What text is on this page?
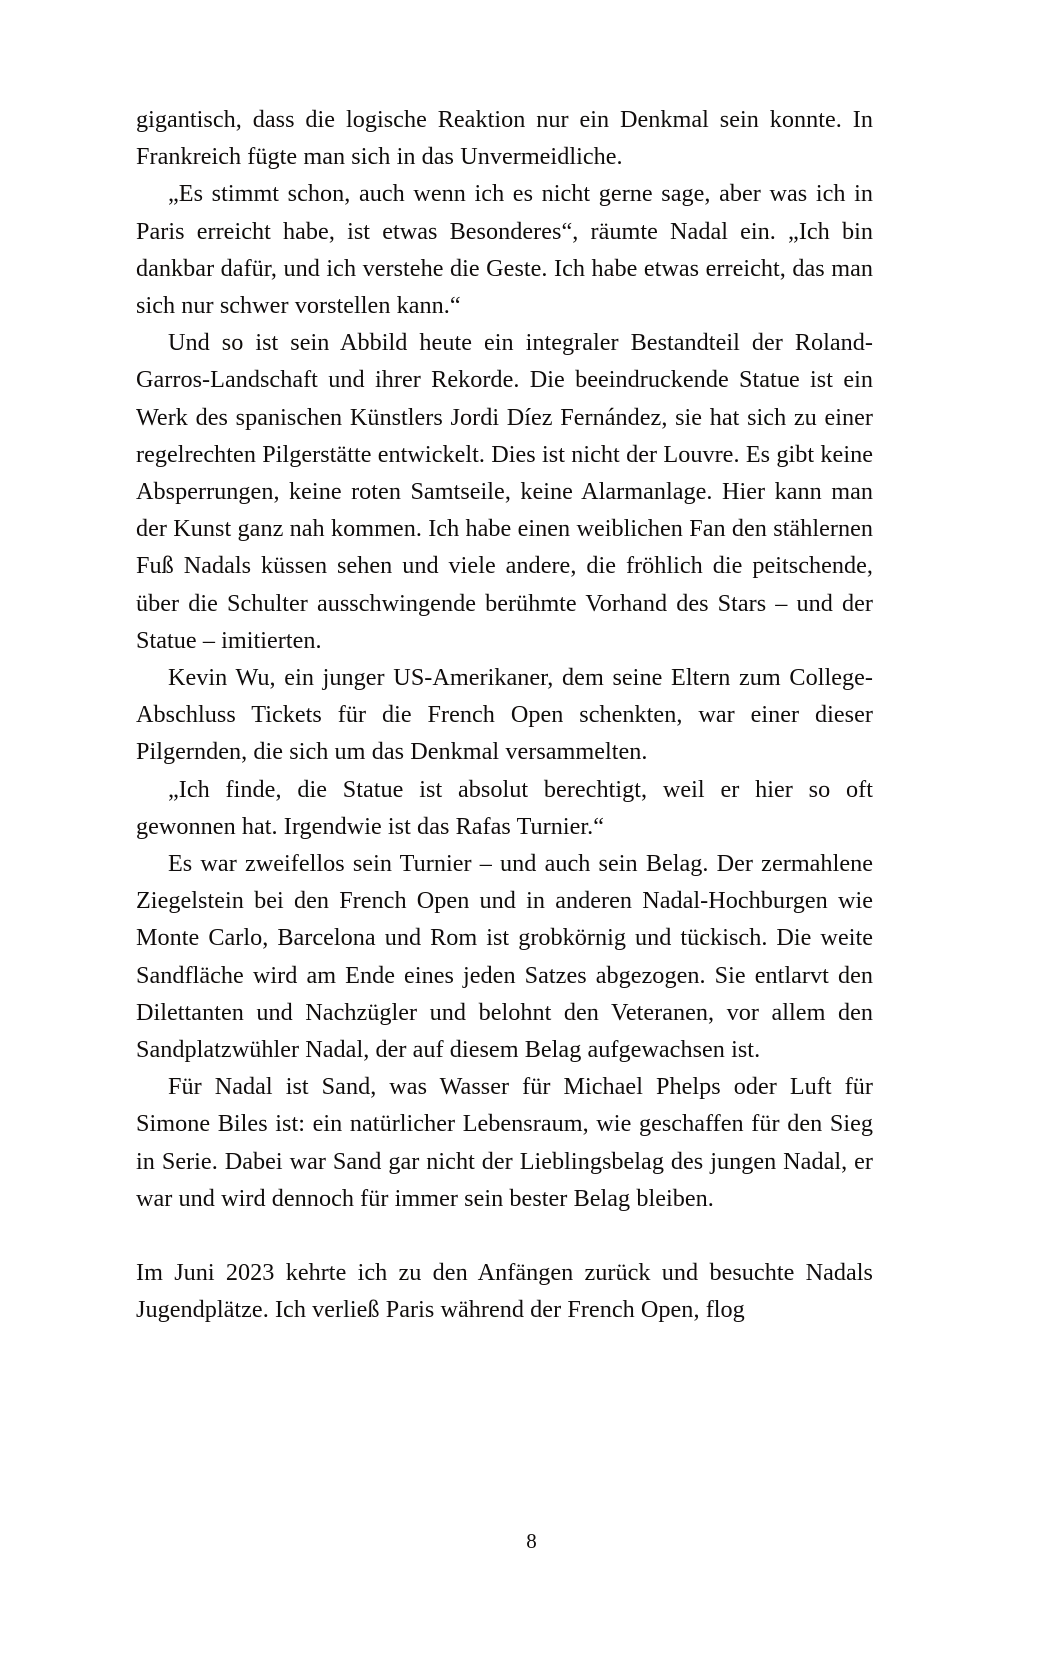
gigantisch, dass die logische Reaktion nur ein Denkmal sein konnte. In Frankreich fügte man sich in das Unvermeidliche.

„Es stimmt schon, auch wenn ich es nicht gerne sage, aber was ich in Paris erreicht habe, ist etwas Besonderes“, räumte Nadal ein. „Ich bin dankbar dafür, und ich verstehe die Geste. Ich habe etwas erreicht, das man sich nur schwer vorstellen kann.“

Und so ist sein Abbild heute ein integraler Bestandteil der Roland-Garros-Landschaft und ihrer Rekorde. Die beeindruckende Statue ist ein Werk des spanischen Künstlers Jordi Díez Fernández, sie hat sich zu einer regelrechten Pilgerstätte entwickelt. Dies ist nicht der Louvre. Es gibt keine Absperrungen, keine roten Samtseile, keine Alarmanlage. Hier kann man der Kunst ganz nah kommen. Ich habe einen weiblichen Fan den stählernen Fuß Nadals küssen sehen und viele andere, die fröhlich die peitschende, über die Schulter ausschwingende berühmte Vorhand des Stars – und der Statue – imitierten.

Kevin Wu, ein junger US-Amerikaner, dem seine Eltern zum College-Abschluss Tickets für die French Open schenkten, war einer dieser Pilgernden, die sich um das Denkmal versammelten.

„Ich finde, die Statue ist absolut berechtigt, weil er hier so oft gewonnen hat. Irgendwie ist das Rafas Turnier.“

Es war zweifellos sein Turnier – und auch sein Belag. Der zermahlene Ziegelstein bei den French Open und in anderen Nadal-Hochburgen wie Monte Carlo, Barcelona und Rom ist grobkörnig und tückisch. Die weite Sandfläche wird am Ende eines jeden Satzes abgezogen. Sie entlarvt den Dilettanten und Nachzügler und belohnt den Veteranen, vor allem den Sandplatzwühler Nadal, der auf diesem Belag aufgewachsen ist.

Für Nadal ist Sand, was Wasser für Michael Phelps oder Luft für Simone Biles ist: ein natürlicher Lebensraum, wie geschaffen für den Sieg in Serie. Dabei war Sand gar nicht der Lieblingsbelag des jungen Nadal, er war und wird dennoch für immer sein bester Belag bleiben.

Im Juni 2023 kehrte ich zu den Anfängen zurück und besuchte Nadals Jugendplätze. Ich verließ Paris während der French Open, flog

8
